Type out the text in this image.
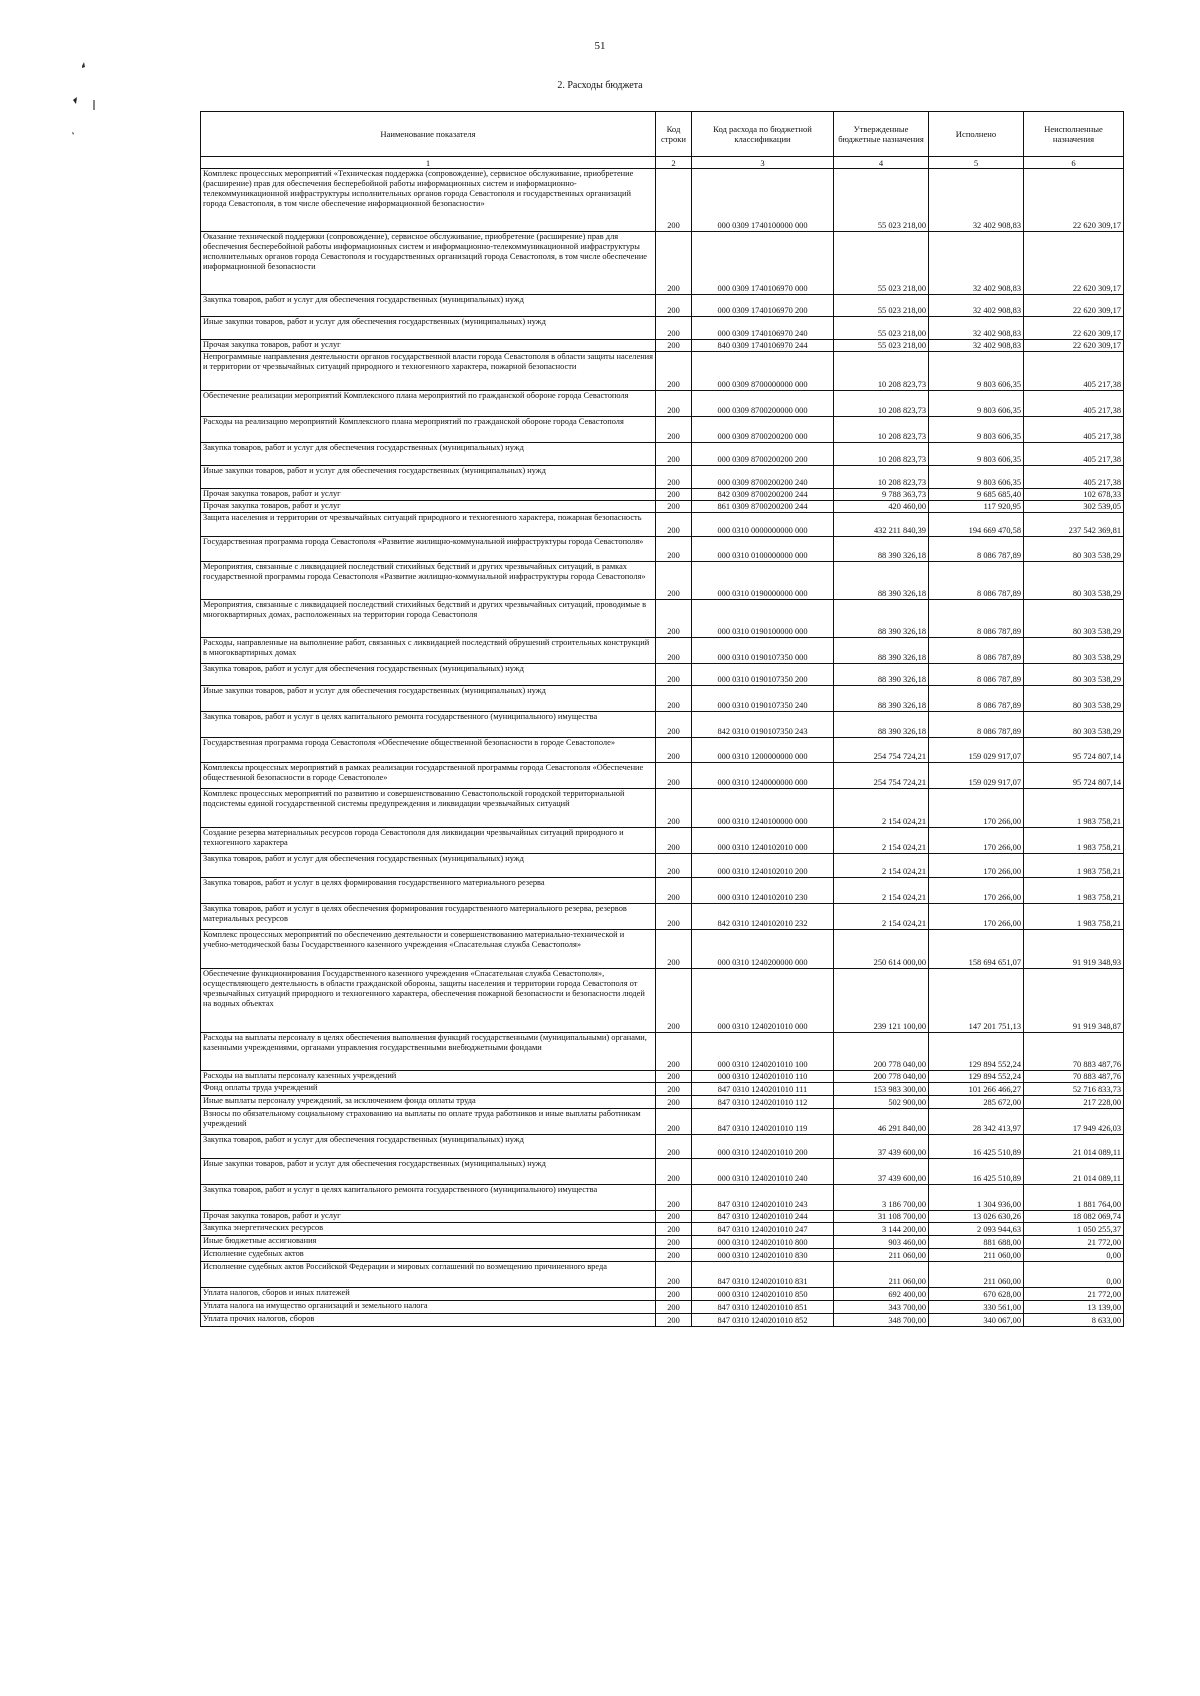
51
2. Расходы бюджета
Наименование показателя	Код строки	Код расхода по бюджетной классификации	Утвержденные бюджетные назначения	Исполнено	Неисполненные назначения
1	2	3	4	5	6
Комплекс процессных мероприятий «Техническая поддержка (сопровождение), сервисное обслуживание, приобретение (расширение) прав для обеспечения бесперебойной работы информационных систем и информационно-телекоммуникационной инфраструктуры исполнительных органов города Севастополя и государственных организаций города Севастополя, в том числе обеспечение информационной безопасности»	200	000 0309 1740100000 000	55 023 218,00	32 402 908,83	22 620 309,17
Оказание технической поддержки (сопровождение), сервисное обслуживание, приобретение (расширение) прав для обеспечения бесперебойной работы информационных систем и информационно-телекоммуникационной инфраструктуры исполнительных органов города Севастополя и государственных организаций города Севастополя, в том числе обеспечение информационной безопасности	200	000 0309 1740106970 000	55 023 218,00	32 402 908,83	22 620 309,17
Закупка товаров, работ и услуг для обеспечения государственных (муниципальных) нужд	200	000 0309 1740106970 200	55 023 218,00	32 402 908,83	22 620 309,17
Иные закупки товаров, работ и услуг для обеспечения государственных (муниципальных) нужд	200	000 0309 1740106970 240	55 023 218,00	32 402 908,83	22 620 309,17
Прочая закупка товаров, работ и услуг	200	840 0309 1740106970 244	55 023 218,00	32 402 908,83	22 620 309,17
Непрограммные направления деятельности органов государственной власти города Севастополя в области защиты населения и территории от чрезвычайных ситуаций природного и техногенного характера, пожарной безопасности	200	000 0309 8700000000 000	10 208 823,73	9 803 606,35	405 217,38
Обеспечение реализации мероприятий Комплексного плана мероприятий по гражданской обороне города Севастополя	200	000 0309 8700200000 000	10 208 823,73	9 803 606,35	405 217,38
Расходы на реализацию мероприятий Комплексного плана мероприятий по гражданской обороне города Севастополя	200	000 0309 8700200200 000	10 208 823,73	9 803 606,35	405 217,38
Закупка товаров, работ и услуг для обеспечения государственных (муниципальных) нужд	200	000 0309 8700200200 200	10 208 823,73	9 803 606,35	405 217,38
Иные закупки товаров, работ и услуг для обеспечения государственных (муниципальных) нужд	200	000 0309 8700200200 240	10 208 823,73	9 803 606,35	405 217,38
Прочая закупка товаров, работ и услуг	200	842 0309 8700200200 244	9 788 363,73	9 685 685,40	102 678,33
Прочая закупка товаров, работ и услуг	200	861 0309 8700200200 244	420 460,00	117 920,95	302 539,05
Защита населения и территории от чрезвычайных ситуаций природного и техногенного характера, пожарная безопасность	200	000 0310 0000000000 000	432 211 840,39	194 669 470,58	237 542 369,81
Государственная программа города Севастополя «Развитие жилищно-коммунальной инфраструктуры города Севастополя»	200	000 0310 0100000000 000	88 390 326,18	8 086 787,89	80 303 538,29
Мероприятия, связанные с ликвидацией последствий стихийных бедствий и других чрезвычайных ситуаций, в рамках государственной программы города Севастополя «Развитие жилищно-коммунальной инфраструктуры города Севастополя»	200	000 0310 0190000000 000	88 390 326,18	8 086 787,89	80 303 538,29
Мероприятия, связанные с ликвидацией последствий стихийных бедствий и других чрезвычайных ситуаций, проводимые в многоквартирных домах, расположенных на территории города Севастополя	200	000 0310 0190100000 000	88 390 326,18	8 086 787,89	80 303 538,29
Расходы, направленные на выполнение работ, связанных с ликвидацией последствий обрушений строительных конструкций в многоквартирных домах	200	000 0310 0190107350 000	88 390 326,18	8 086 787,89	80 303 538,29
Закупка товаров, работ и услуг для обеспечения государственных (муниципальных) нужд	200	000 0310 0190107350 200	88 390 326,18	8 086 787,89	80 303 538,29
Иные закупки товаров, работ и услуг для обеспечения государственных (муниципальных) нужд	200	000 0310 0190107350 240	88 390 326,18	8 086 787,89	80 303 538,29
Закупка товаров, работ и услуг в целях капитального ремонта государственного (муниципального) имущества	200	842 0310 0190107350 243	88 390 326,18	8 086 787,89	80 303 538,29
Государственная программа города Севастополя «Обеспечение общественной безопасности в городе Севастополе»	200	000 0310 1200000000 000	254 754 724,21	159 029 917,07	95 724 807,14
Комплексы процессных мероприятий в рамках реализации государственной программы города Севастополя «Обеспечение общественной безопасности в городе Севастополе»	200	000 0310 1240000000 000	254 754 724,21	159 029 917,07	95 724 807,14
Комплекс процессных мероприятий по развитию и совершенствованию Севастопольской городской территориальной подсистемы единой государственной системы предупреждения и ликвидации чрезвычайных ситуаций	200	000 0310 1240100000 000	2 154 024,21	170 266,00	1 983 758,21
Создание резерва материальных ресурсов города Севастополя для ликвидации чрезвычайных ситуаций природного и техногенного характера	200	000 0310 1240102010 000	2 154 024,21	170 266,00	1 983 758,21
Закупка товаров, работ и услуг для обеспечения государственных (муниципальных) нужд	200	000 0310 1240102010 200	2 154 024,21	170 266,00	1 983 758,21
Закупка товаров, работ и услуг в целях формирования государственного материального резерва	200	000 0310 1240102010 230	2 154 024,21	170 266,00	1 983 758,21
Закупка товаров, работ и услуг в целях обеспечения формирования государственного материального резерва, резервов материальных ресурсов	200	842 0310 1240102010 232	2 154 024,21	170 266,00	1 983 758,21
Комплекс процессных мероприятий по обеспечению деятельности и совершенствованию материально-технической и учебно-методической базы Государственного казенного учреждения «Спасательная служба Севастополя»	200	000 0310 1240200000 000	250 614 000,00	158 694 651,07	91 919 348,93
Обеспечение функционирования Государственного казенного учреждения «Спасательная служба Севастополя», осуществляющего деятельность в области гражданской обороны, защиты населения и территории города Севастополя от чрезвычайных ситуаций природного и техногенного характера, обеспечения пожарной безопасности и безопасности людей на водных объектах	200	000 0310 1240201010 000	239 121 100,00	147 201 751,13	91 919 348,87
Расходы на выплаты персоналу в целях обеспечения выполнения функций государственными (муниципальными) органами, казенными учреждениями, органами управления государственными внебюджетными фондами	200	000 0310 1240201010 100	200 778 040,00	129 894 552,24	70 883 487,76
Расходы на выплаты персоналу казенных учреждений	200	000 0310 1240201010 110	200 778 040,00	129 894 552,24	70 883 487,76
Фонд оплаты труда учреждений	200	847 0310 1240201010 111	153 983 300,00	101 266 466,27	52 716 833,73
Иные выплаты персоналу учреждений, за исключением фонда оплаты труда	200	847 0310 1240201010 112	502 900,00	285 672,00	217 228,00
Взносы по обязательному социальному страхованию на выплаты по оплате труда работников и иные выплаты работникам учреждений	200	847 0310 1240201010 119	46 291 840,00	28 342 413,97	17 949 426,03
Закупка товаров, работ и услуг для обеспечения государственных (муниципальных) нужд	200	000 0310 1240201010 200	37 439 600,00	16 425 510,89	21 014 089,11
Иные закупки товаров, работ и услуг для обеспечения государственных (муниципальных) нужд	200	000 0310 1240201010 240	37 439 600,00	16 425 510,89	21 014 089,11
Закупка товаров, работ и услуг в целях капитального ремонта государственного (муниципального) имущества	200	847 0310 1240201010 243	3 186 700,00	1 304 936,00	1 881 764,00
Прочая закупка товаров, работ и услуг	200	847 0310 1240201010 244	31 108 700,00	13 026 630,26	18 082 069,74
Закупка энергетических ресурсов	200	847 0310 1240201010 247	3 144 200,00	2 093 944,63	1 050 255,37
Иные бюджетные ассигнования	200	000 0310 1240201010 800	903 460,00	881 688,00	21 772,00
Исполнение судебных актов	200	000 0310 1240201010 830	211 060,00	211 060,00	0,00
Исполнение судебных актов Российской Федерации и мировых соглашений по возмещению причиненного вреда	200	847 0310 1240201010 831	211 060,00	211 060,00	0,00
Уплата налогов, сборов и иных платежей	200	000 0310 1240201010 850	692 400,00	670 628,00	21 772,00
Уплата налога на имущество организаций и земельного налога	200	847 0310 1240201010 851	343 700,00	330 561,00	13 139,00
Уплата прочих налогов, сборов	200	847 0310 1240201010 852	348 700,00	340 067,00	8 633,00
